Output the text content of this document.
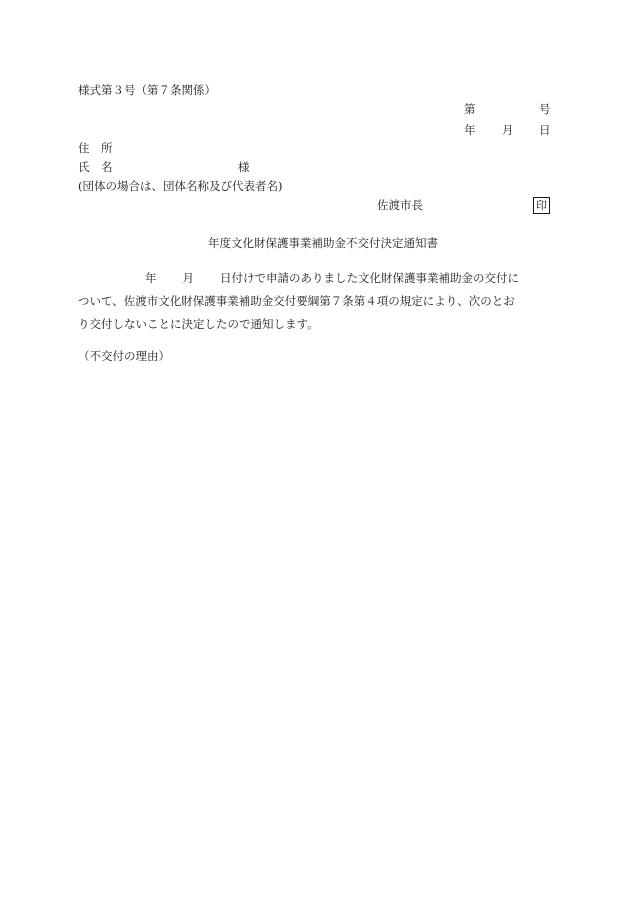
様式第３号（第７条関係）
第	号
年 月 日
住　所
氏　名	様
(団体の場合は、団体名称及び代表者名)
佐渡市長	印
年度文化財保護事業補助金不交付決定通知書
年 月 日付けで申請のありました文化財保護事業補助金の交付に
ついて、佐渡市文化財保護事業補助金交付要綱第７条第４項の規定により、次のとお
り交付しないことに決定したので通知します。
（不交付の理由）
